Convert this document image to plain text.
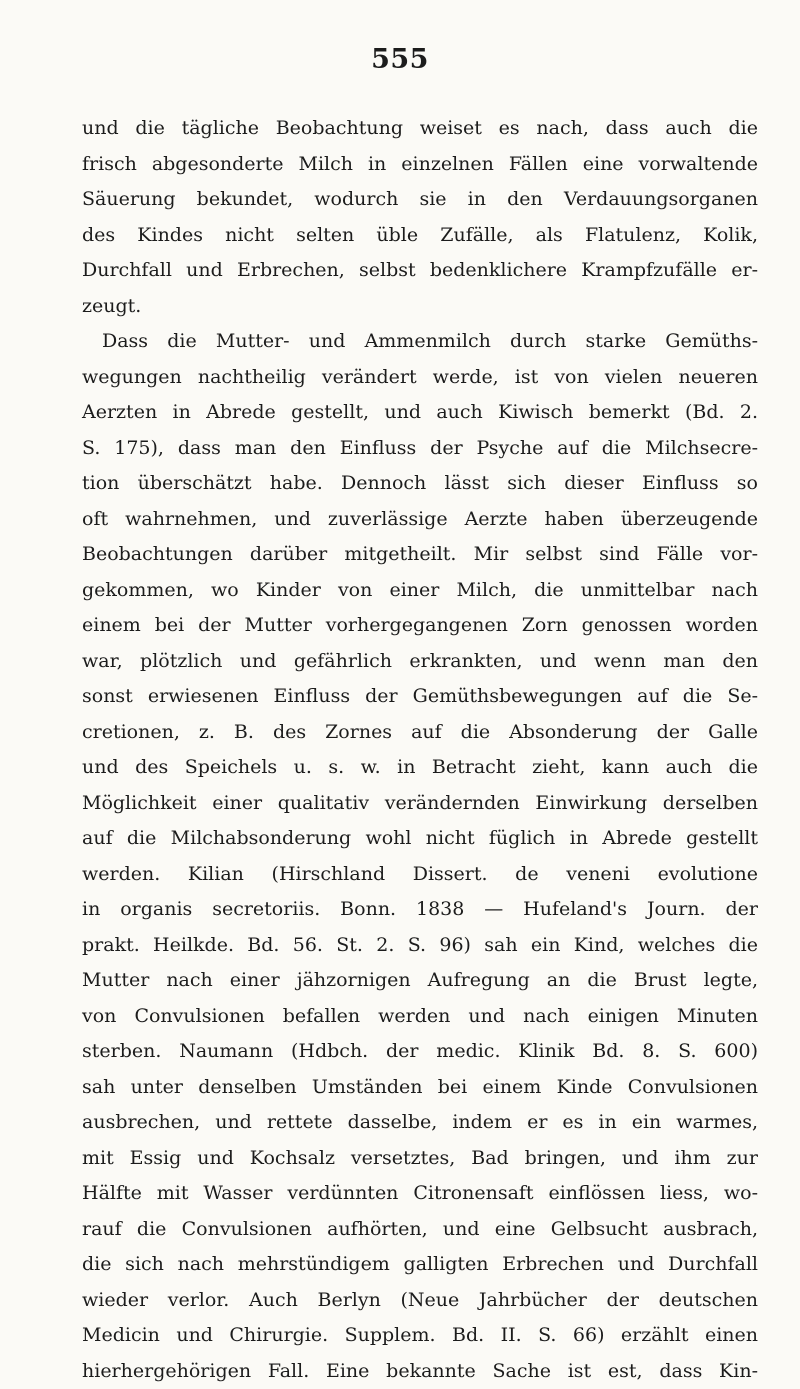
555
und die tägliche Beobachtung weiset es nach, dass auch die
frisch abgesonderte Milch in einzelnen Fällen eine vorwaltende
Säuerung bekundet, wodurch sie in den Verdauungsorganen
des Kindes nicht selten üble Zufälle, als Flatulenz, Kolik,
Durchfall und Erbrechen, selbst bedenklichere Krampfzufälle er-
zeugt.
Dass die Mutter- und Ammenmilch durch starke Gemüths-
wegungen nachtheilig verändert werde, ist von vielen neueren
Aerzten in Abrede gestellt, und auch Kiwisch bemerkt (Bd. 2.
S. 175), dass man den Einfluss der Psyche auf die Milchsecre-
tion überschätzt habe. Dennoch lässt sich dieser Einfluss so
oft wahrnehmen, und zuverlässige Aerzte haben überzeugende
Beobachtungen darüber mitgetheilt. Mir selbst sind Fälle vor-
gekommen, wo Kinder von einer Milch, die unmittelbar nach
einem bei der Mutter vorhergegangenen Zorn genossen worden
war, plötzlich und gefährlich erkrankten, und wenn man den
sonst erwiesenen Einfluss der Gemüthsbewegungen auf die Se-
cretionen, z. B. des Zornes auf die Absonderung der Galle
und des Speichels u. s. w. in Betracht zieht, kann auch die
Möglichkeit einer qualitativ verändernden Einwirkung derselben
auf die Milchabsonderung wohl nicht füglich in Abrede gestellt
werden. Kilian (Hirschland Dissert. de veneni evolutione
in organis secretoriis. Bonn. 1838 — Hufeland's Journ. der
prakt. Heilkde. Bd. 56. St. 2. S. 96) sah ein Kind, welches die
Mutter nach einer jähzornigen Aufregung an die Brust legte,
von Convulsionen befallen werden und nach einigen Minuten
sterben. Naumann (Hdbch. der medic. Klinik Bd. 8. S. 600)
sah unter denselben Umständen bei einem Kinde Convulsionen
ausbrechen, und rettete dasselbe, indem er es in ein warmes,
mit Essig und Kochsalz versetztes, Bad bringen, und ihm zur
Hälfte mit Wasser verdünnten Citronensaft einflössen liess, wo-
rauf die Convulsionen aufhörten, und eine Gelbsucht ausbrach,
die sich nach mehrstündigem galligten Erbrechen und Durchfall
wieder verlor. Auch Berlyn (Neue Jahrbücher der deutschen
Medicin und Chirurgie. Supplem. Bd. II. S. 66) erzählt einen
hierhergehörigen Fall. Eine bekannte Sache ist est, dass Kin-
